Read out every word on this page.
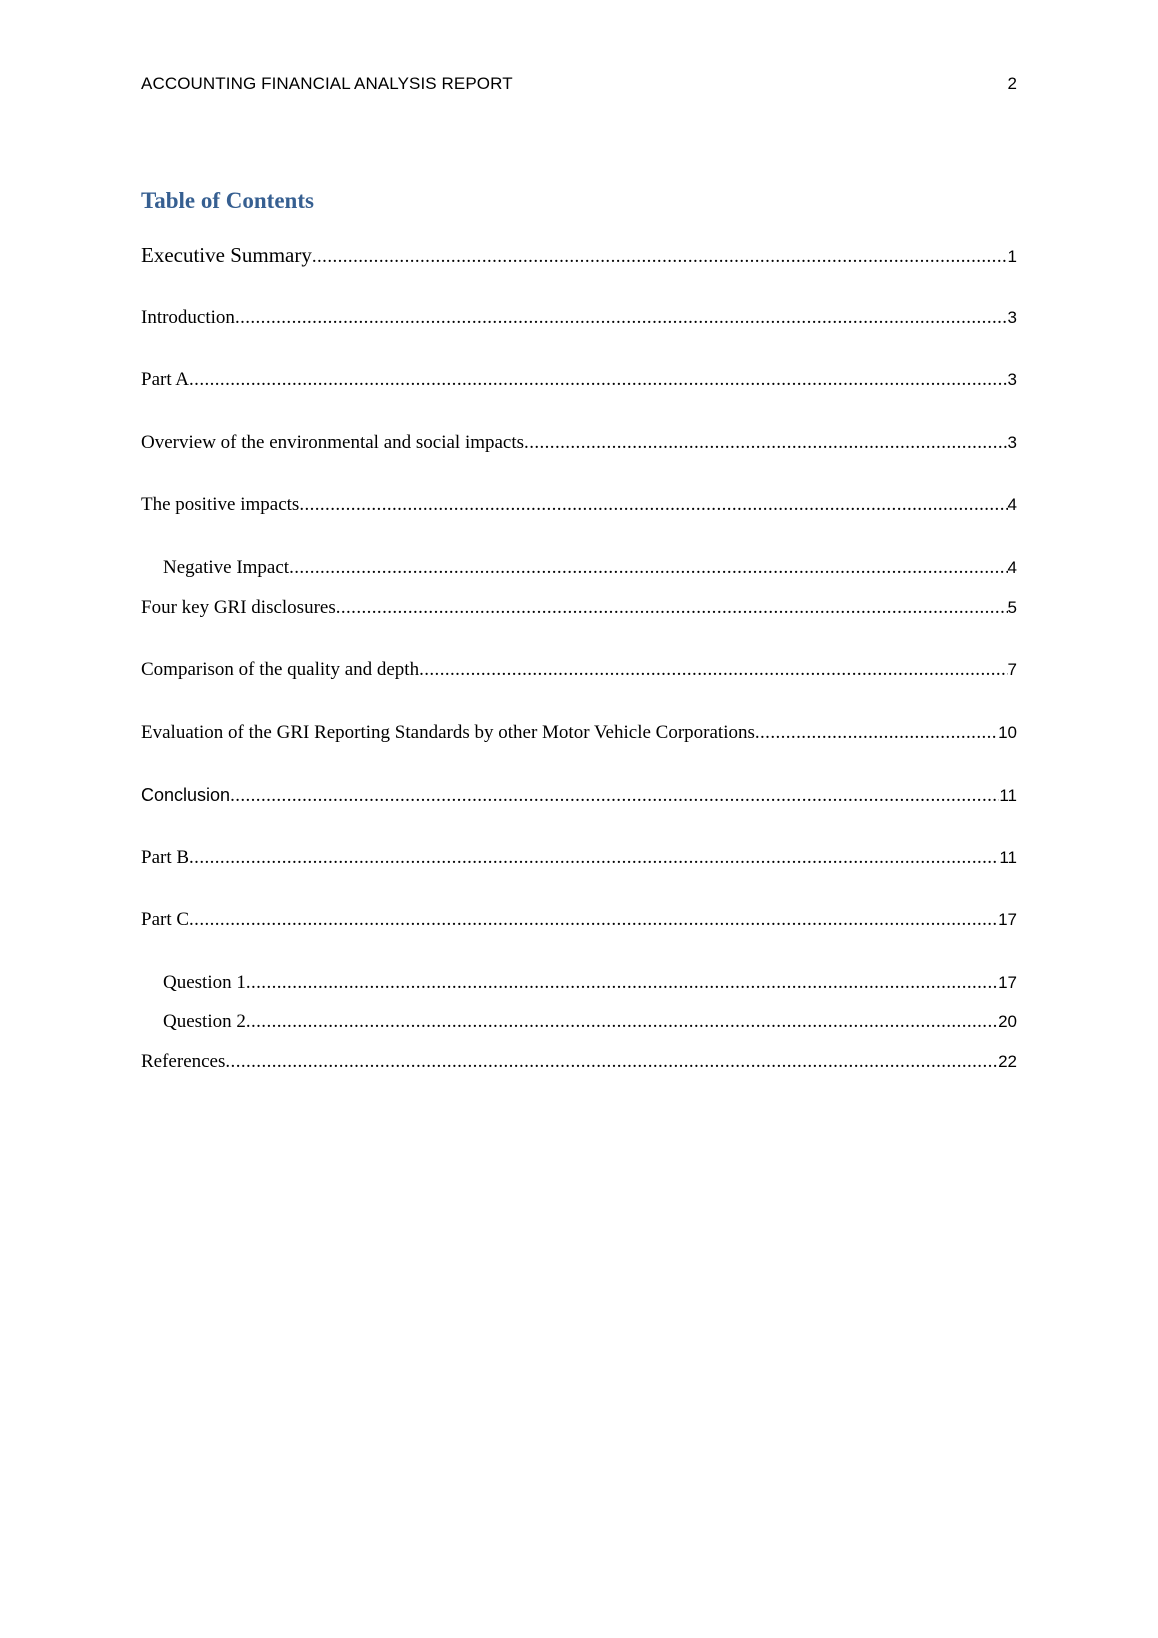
ACCOUNTING FINANCIAL ANALYSIS REPORT	2
Table of Contents
Executive Summary .....	1
Introduction .....	3
Part A .....	3
Overview of the environmental and social impacts .....	3
The positive impacts .....	4
Negative Impact .....	4
Four key GRI disclosures .....	5
Comparison of the quality and depth .....	7
Evaluation of the GRI Reporting Standards by other Motor Vehicle Corporations .....	10
Conclusion .....	11
Part B .....	11
Part C .....	17
Question 1 .....	17
Question 2 .....	20
References .....	22
